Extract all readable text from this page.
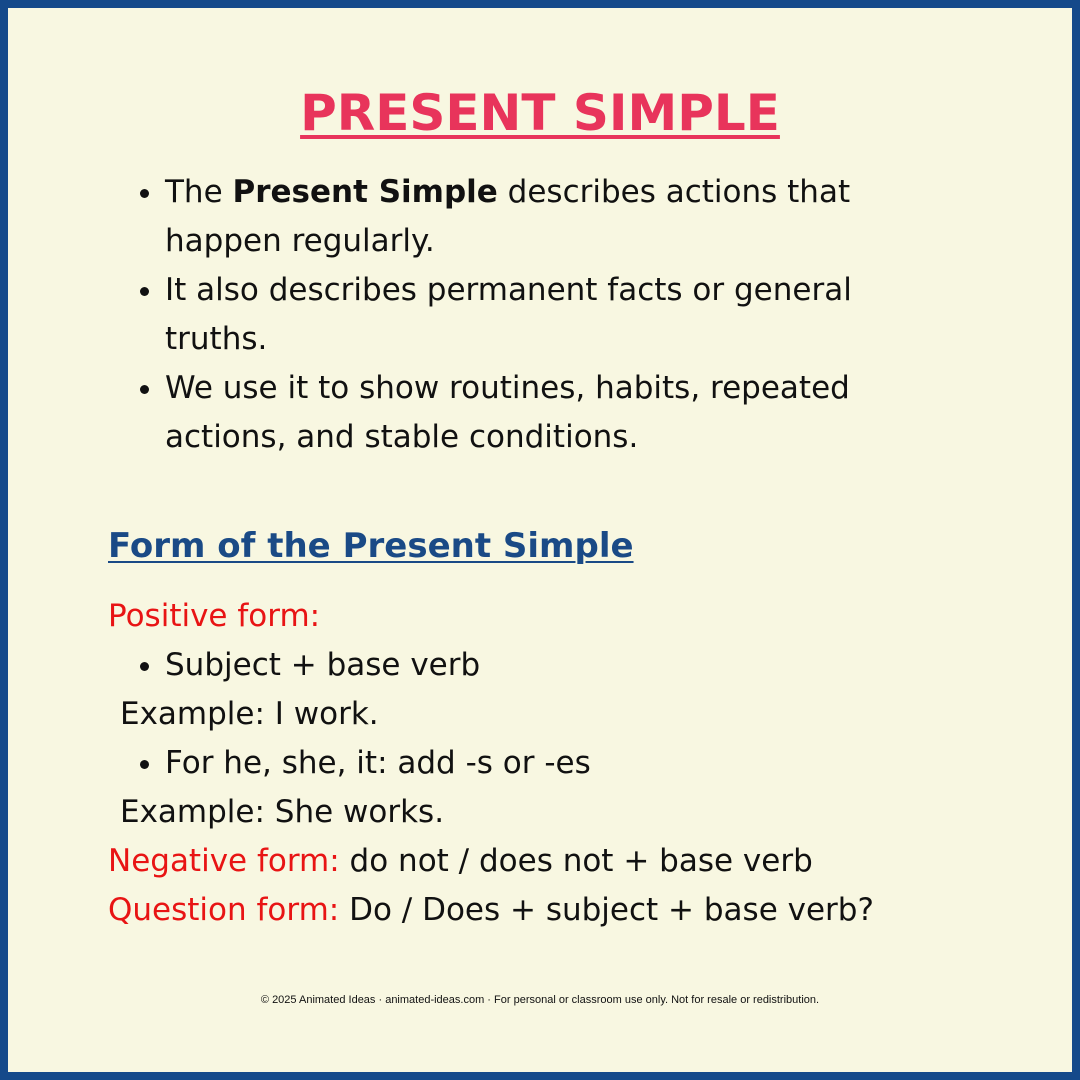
PRESENT SIMPLE
The Present Simple describes actions that happen regularly.
It also describes permanent facts or general truths.
We use it to show routines, habits, repeated actions, and stable conditions.
Form of the Present Simple
Positive form:
Subject + base verb
Example: I work.
For he, she, it: add -s or -es
Example: She works.
Negative form: do not / does not + base verb
Question form: Do / Does + subject + base verb?
© 2025 Animated Ideas · animated-ideas.com · For personal or classroom use only. Not for resale or redistribution.
